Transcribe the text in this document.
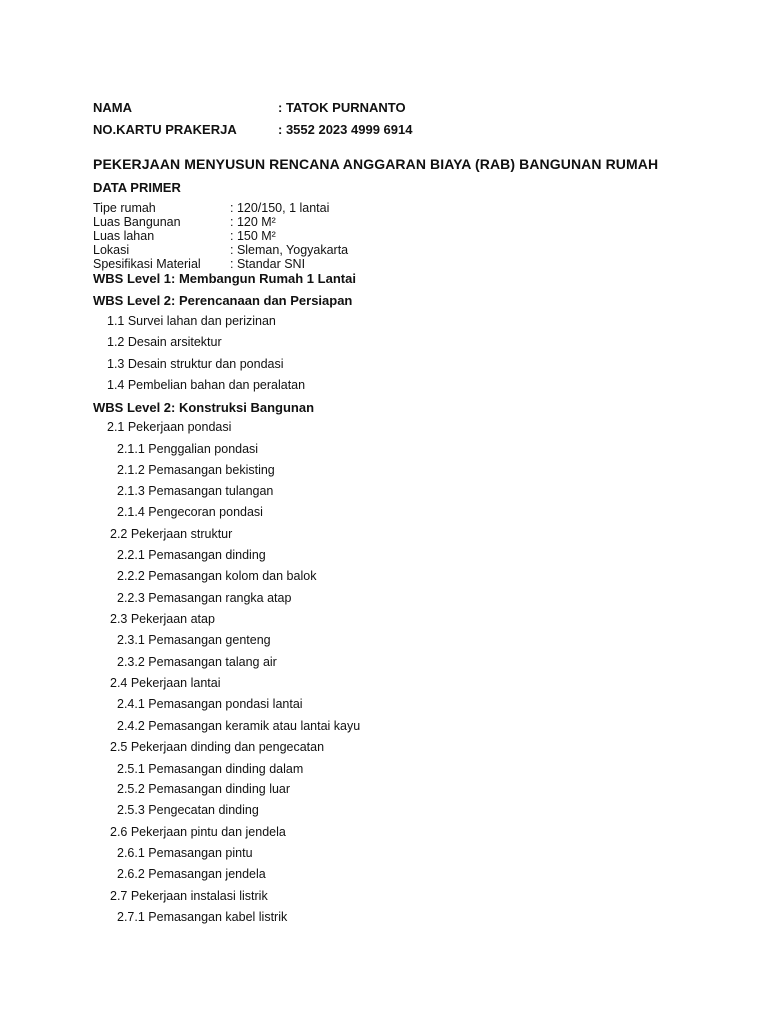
NAMA	: TATOK PURNANTO
NO.KARTU PRAKERJA	: 3552 2023 4999 6914
PEKERJAAN MENYUSUN RENCANA ANGGARAN BIAYA (RAB) BANGUNAN RUMAH
DATA PRIMER
Tipe rumah	: 120/150, 1 lantai
Luas Bangunan	: 120 M²
Luas lahan	: 150 M²
Lokasi	: Sleman, Yogyakarta
Spesifikasi Material : Standar SNI
WBS Level 1: Membangun Rumah 1 Lantai
WBS Level 2: Perencanaan dan Persiapan
1.1 Survei lahan dan perizinan
1.2 Desain arsitektur
1.3 Desain struktur dan pondasi
1.4 Pembelian bahan dan peralatan
WBS Level 2: Konstruksi Bangunan
2.1 Pekerjaan pondasi
2.1.1 Penggalian pondasi
2.1.2 Pemasangan bekisting
2.1.3 Pemasangan tulangan
2.1.4 Pengecoran pondasi
2.2 Pekerjaan struktur
2.2.1 Pemasangan dinding
2.2.2 Pemasangan kolom dan balok
2.2.3 Pemasangan rangka atap
2.3 Pekerjaan atap
2.3.1 Pemasangan genteng
2.3.2 Pemasangan talang air
2.4 Pekerjaan lantai
2.4.1 Pemasangan pondasi lantai
2.4.2 Pemasangan keramik atau lantai kayu
2.5 Pekerjaan dinding dan pengecatan
2.5.1 Pemasangan dinding dalam
2.5.2 Pemasangan dinding luar
2.5.3 Pengecatan dinding
2.6 Pekerjaan pintu dan jendela
2.6.1 Pemasangan pintu
2.6.2 Pemasangan jendela
2.7 Pekerjaan instalasi listrik
2.7.1 Pemasangan kabel listrik
